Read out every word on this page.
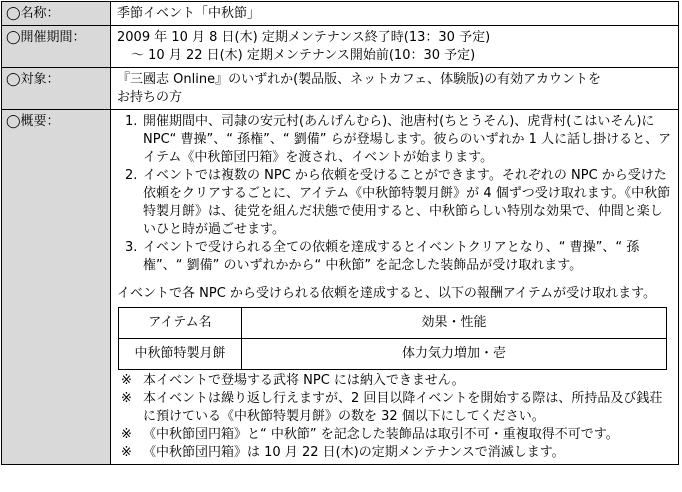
◯名称：	季節イベント「中秋節」
◯開催期間：	2009 年 10 月 8 日(木) 定期メンテナンス終了時(13：30 予定)
〜 10 月 22 日(木) 定期メンテナンス開始前(10：30 予定)

◯対象：	『三國志 Online』のいずれか(製品版、ネットカフェ、体験版)の有効アカウントを
お持ちの方

◯概要：	1. 開催期間中、司隷の安元村(あんげんむら)、池唐村(ちとうそん)、虎背村(こはいそん)に NPC“ 曹操”、“ 孫権”、“ 劉備” らが登場します。彼らのいずれか 1 人に話し掛けると、アイテム《中秋節団円箱》を渡され、イベントが始まります。
2. イベントでは複数の NPC から依頼を受けることができます。それぞれの NPC から受けた依頼をクリアするごとに、アイテム《中秋節特製月餅》が 4 個ずつ受け取れます。《中秋節特製月餅》は、徒党を組んだ状態で使用すると、中秋節らしい特別な効果で、仲間と楽しいひと時が過ごせます。
3. イベントで受けられる全ての依頼を達成するとイベントクリアとなり、“ 曹操”、“ 孫権”、“ 劉備” のいずれかから“ 中秋節” を記念した装飾品が受け取れます。
イベントで各 NPC から受けられる依頼を達成すると、以下の報酬アイテムが受け取れます。
アイテム名	効果・性能
中秋節特製月餅	体力気力増加・壱
※ 本イベントで登場する武将 NPC には納入できません。
※ 本イベントは繰り返し行えますが、2 回目以降イベントを開始する際は、所持品及び銭荘に預けている《中秋節特製月餅》の数を 32 個以下にしてください。
※ 《中秋節団円箱》と“ 中秋節” を記念した装飾品は取引不可・重複取得不可です。
※ 《中秋節団円箱》は 10 月 22 日(木)の定期メンテナンスで消滅します。
